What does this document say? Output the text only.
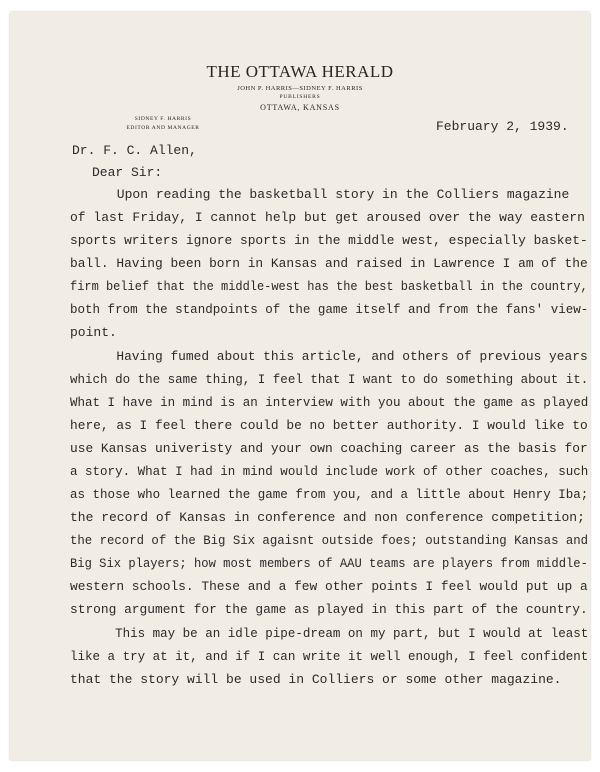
THE OTTAWA HERALD
JOHN P. HARRIS—SIDNEY F. HARRIS
PUBLISHERS
OTTAWA, KANSAS
SIDNEY F. HARRIS
EDITOR AND MANAGER	February 2, 1939.
Dr. F. C. Allen,
Dear Sir:
Upon reading the basketball story in the Colliers magazine
of last Friday, I cannot help but get aroused over the way eastern
sports writers ignore sports in the middle west, especially basket-
ball. Having been born in Kansas and raised in Lawrence I am of the
firm belief that the middle-west has the best basketball in the country,
both from the standpoints of the game itself and from the fans' view-
point.
Having fumed about this article, and others of previous years
which do the same thing, I feel that I want to do something about it.
What I have in mind is an interview with you about the game as played
here, as I feel there could be no better authority. I would like to
use Kansas univeristy and your own coaching career as the basis for
a story. What I had in mind would include work of other coaches, such
as those who learned the game from you, and a little about Henry Iba;
the record of Kansas in conference and non conference competition;
the record of the Big Six agaisnt outside foes; outstanding Kansas and
Big Six players; how most members of AAU teams are players from middle-
western schools. These and a few other points I feel would put up a
strong argument for the game as played in this part of the country.
This may be an idle pipe-dream on my part, but I would at least
like a try at it, and if I can write it well enough, I feel confident
that the story will be used in Colliers or some other magazine.
